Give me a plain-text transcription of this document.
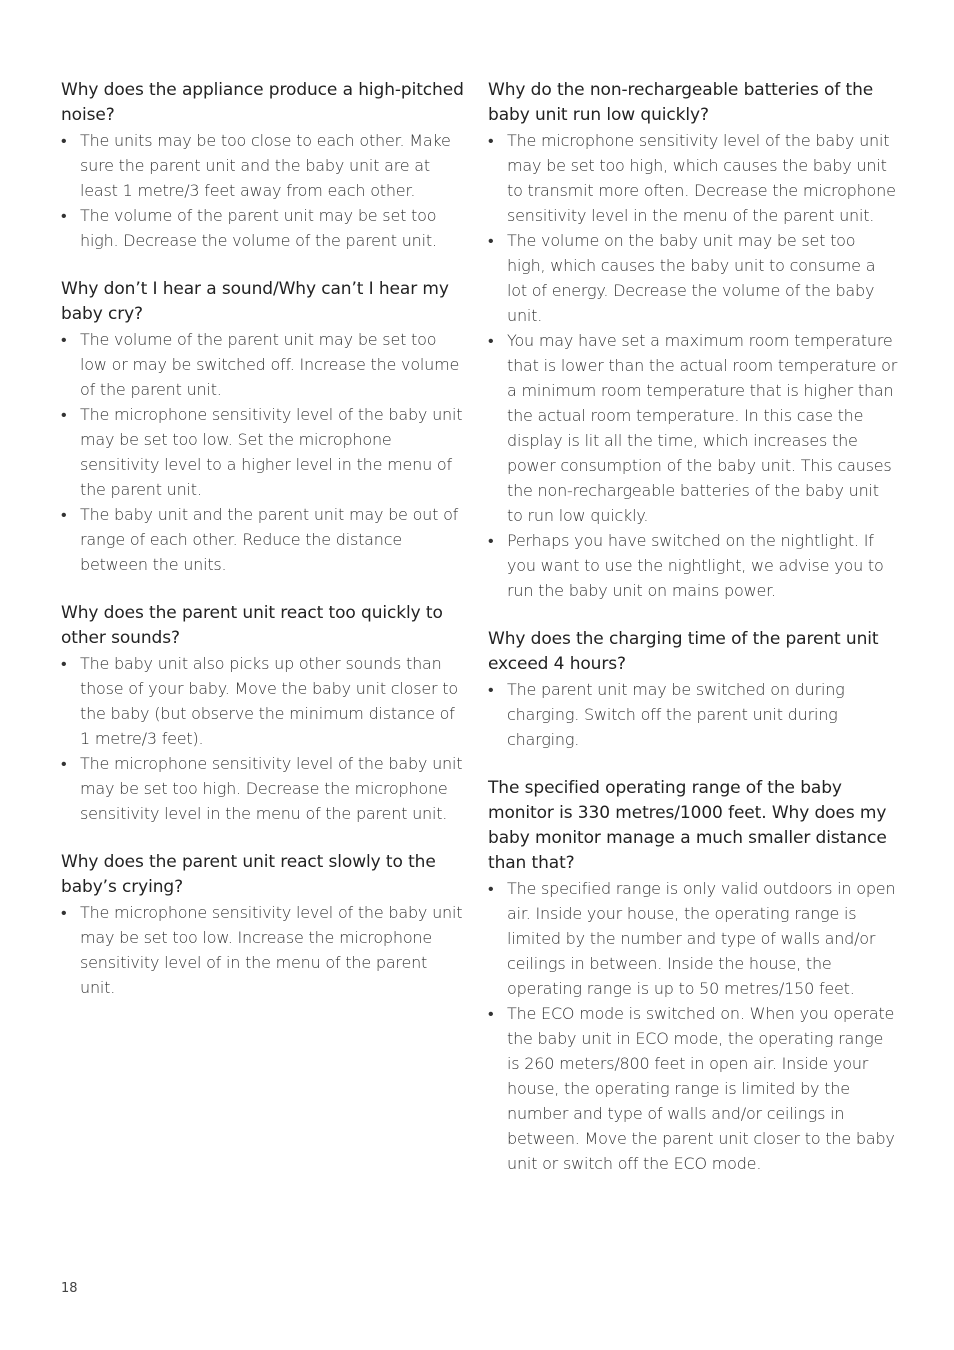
Why does the appliance produce a high-pitched noise?
• The units may be too close to each other. Make sure the parent unit and the baby unit are at least 1 metre/3 feet away from each other.
• The volume of the parent unit may be set too high. Decrease the volume of the parent unit.
Why don’t I hear a sound/Why can’t I hear my baby cry?
• The volume of the parent unit may be set too low or may be switched off. Increase the volume of the parent unit.
• The microphone sensitivity level of the baby unit may be set too low. Set the microphone sensitivity level to a higher level in the menu of the parent unit.
• The baby unit and the parent unit may be out of range of each other. Reduce the distance between the units.
Why does the parent unit react too quickly to other sounds?
• The baby unit also picks up other sounds than those of your baby. Move the baby unit closer to the baby (but observe the minimum distance of 1 metre/3 feet).
• The microphone sensitivity level of the baby unit may be set too high. Decrease the microphone sensitivity level in the menu of the parent unit.
Why does the parent unit react slowly to the baby’s crying?
• The microphone sensitivity level of the baby unit may be set too low. Increase the microphone sensitivity level of in the menu of the parent unit.
Why do the non-rechargeable batteries of the baby unit run low quickly?
• The microphone sensitivity level of the baby unit may be set too high, which causes the baby unit to transmit more often. Decrease the microphone sensitivity level in the menu of the parent unit.
• The volume on the baby unit may be set too high, which causes the baby unit to consume a lot of energy. Decrease the volume of the baby unit.
• You may have set a maximum room temperature that is lower than the actual room temperature or a minimum room temperature that is higher than the actual room temperature. In this case the display is lit all the time, which increases the power consumption of the baby unit. This causes the non-rechargeable batteries of the baby unit to run low quickly.
• Perhaps you have switched on the nightlight. If you want to use the nightlight, we advise you to run the baby unit on mains power.
Why does the charging time of the parent unit exceed 4 hours?
• The parent unit may be switched on during charging. Switch off the parent unit during charging.
The specified operating range of the baby monitor is 330 metres/1000 feet. Why does my baby monitor manage a much smaller distance than that?
• The specified range is only valid outdoors in open air. Inside your house, the operating range is limited by the number and type of walls and/or ceilings in between. Inside the house, the operating range is up to 50 metres/150 feet.
• The ECO mode is switched on. When you operate the baby unit in ECO mode, the operating range is 260 meters/800 feet in open air. Inside your house, the operating range is limited by the number and type of walls and/or ceilings in between. Move the parent unit closer to the baby unit or switch off the ECO mode.
18
